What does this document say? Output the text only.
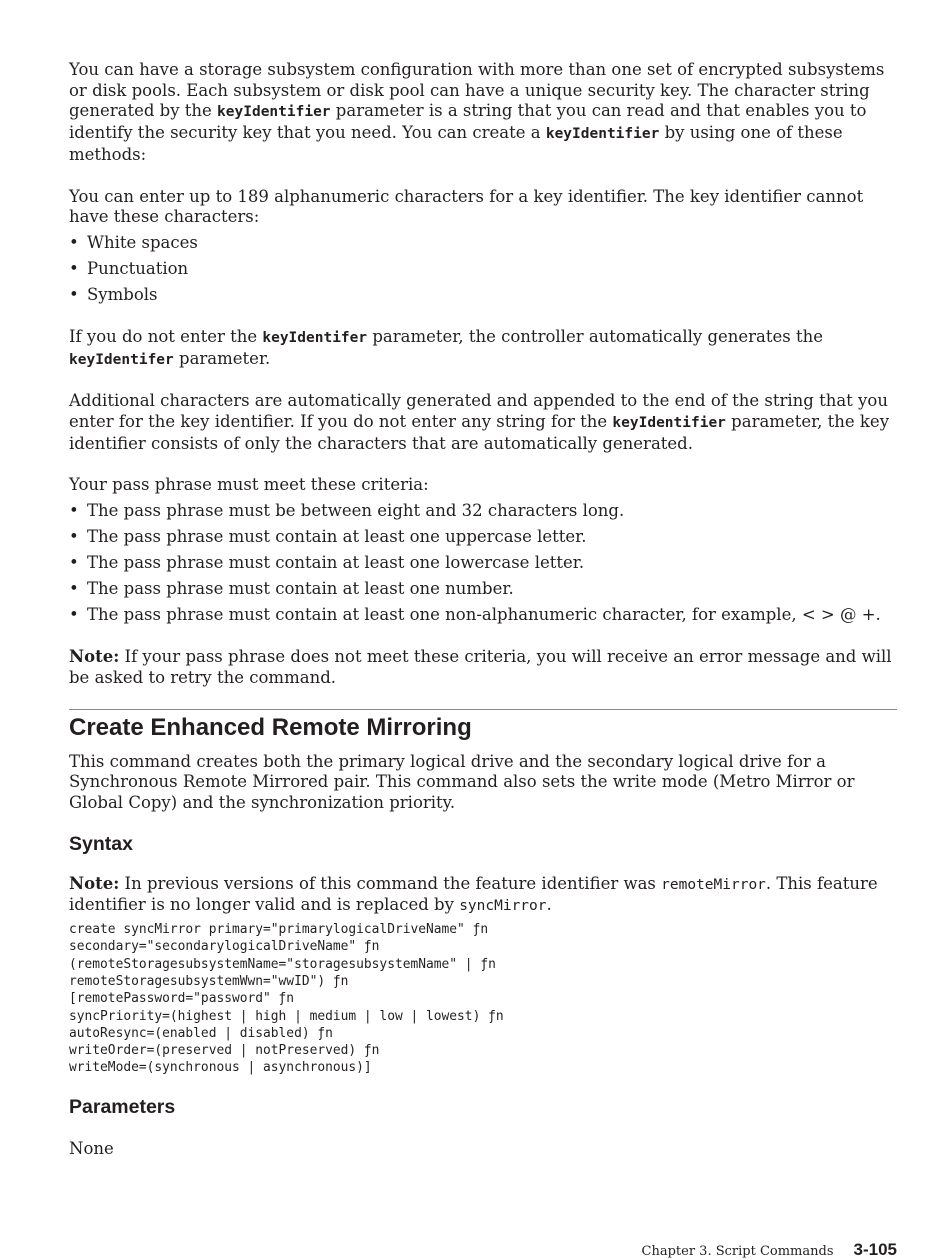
You can have a storage subsystem configuration with more than one set of encrypted subsystems or disk pools. Each subsystem or disk pool can have a unique security key. The character string generated by the keyIdentifier parameter is a string that you can read and that enables you to identify the security key that you need. You can create a keyIdentifier by using one of these methods:

You can enter up to 189 alphanumeric characters for a key identifier. The key identifier cannot have these characters:

• White spaces
• Punctuation
• Symbols

If you do not enter the keyIdentifer parameter, the controller automatically generates the keyIdentifer parameter.

Additional characters are automatically generated and appended to the end of the string that you enter for the key identifier. If you do not enter any string for the keyIdentifier parameter, the key identifier consists of only the characters that are automatically generated.

Your pass phrase must meet these criteria:

• The pass phrase must be between eight and 32 characters long.
• The pass phrase must contain at least one uppercase letter.
• The pass phrase must contain at least one lowercase letter.
• The pass phrase must contain at least one number.
• The pass phrase must contain at least one non-alphanumeric character, for example, < > @ +.

Note: If your pass phrase does not meet these criteria, you will receive an error message and will be asked to retry the command.

Create Enhanced Remote Mirroring

This command creates both the primary logical drive and the secondary logical drive for a Synchronous Remote Mirrored pair. This command also sets the write mode (Metro Mirror or Global Copy) and the synchronization priority.

Syntax

Note: In previous versions of this command the feature identifier was remoteMirror. This feature identifier is no longer valid and is replaced by syncMirror.

create syncMirror primary="primarylogicalDriveName" ƒn
secondary="secondarylogicalDriveName" ƒn
(remoteStoragesubsystemName="storagesubsystemName" | ƒn
remoteStoragesubsystemWwn="wwID") ƒn
[remotePassword="password" ƒn
syncPriority=(highest | high | medium | low | lowest) ƒn
autoResync=(enabled | disabled) ƒn
writeOrder=(preserved | notPreserved) ƒn
writeMode=(synchronous | asynchronous)]
Parameters

None

Chapter 3. Script Commands 3-105
